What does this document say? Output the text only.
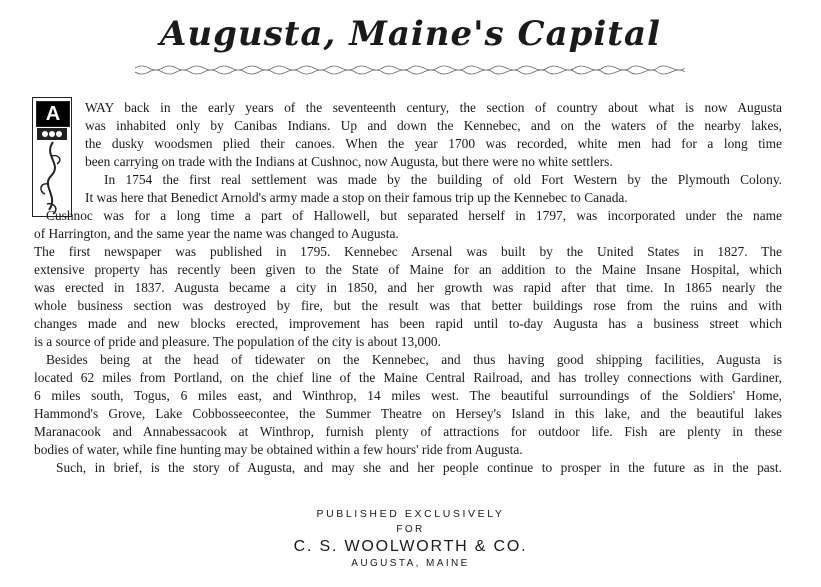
Augusta, Maine's Capital
A	WAY back in the early years of the seventeenth century, the section of country about what is now Augusta
was inhabited only by Canibas Indians. Up and down the Kennebec, and on the waters of the nearby lakes,
the dusky woodsmen plied their canoes. When the year 1700 was recorded, white men had for a long time
been carrying on trade with the Indians at Cushnoc, now Augusta, but there were no white settlers.
In 1754 the first real settlement was made by the building of old Fort Western by the Plymouth Colony.
It was here that Benedict Arnold's army made a stop on their famous trip up the Kennebec to Canada.
Cushnoc was for a long time a part of Hallowell, but separated herself in 1797, was incorporated under the name
of Harrington, and the same year the name was changed to Augusta.
The first newspaper was published in 1795. Kennebec Arsenal was built by the United States in 1827. The
extensive property has recently been given to the State of Maine for an addition to the Maine Insane Hospital, which
was erected in 1837. Augusta became a city in 1850, and her growth was rapid after that time. In 1865 nearly the
whole business section was destroyed by fire, but the result was that better buildings rose from the ruins and with
changes made and new blocks erected, improvement has been rapid until to-day Augusta has a business street which
is a source of pride and pleasure. The population of the city is about 13,000.
Besides being at the head of tidewater on the Kennebec, and thus having good shipping facilities, Augusta is
located 62 miles from Portland, on the chief line of the Maine Central Railroad, and has trolley connections with Gardiner,
6 miles south, Togus, 6 miles east, and Winthrop, 14 miles west. The beautiful surroundings of the Soldiers' Home,
Hammond's Grove, Lake Cobbosseecontee, the Summer Theatre on Hersey's Island in this lake, and the beautiful lakes
Maranacook and Annabessacook at Winthrop, furnish plenty of attractions for outdoor life. Fish are plenty in these
bodies of water, while fine hunting may be obtained within a few hours' ride from Augusta.
Such, in brief, is the story of Augusta, and may she and her people continue to prosper in the future as in the past.
PUBLISHED EXCLUSIVELY
FOR
C. S. WOOLWORTH & CO.
AUGUSTA, MAINE
